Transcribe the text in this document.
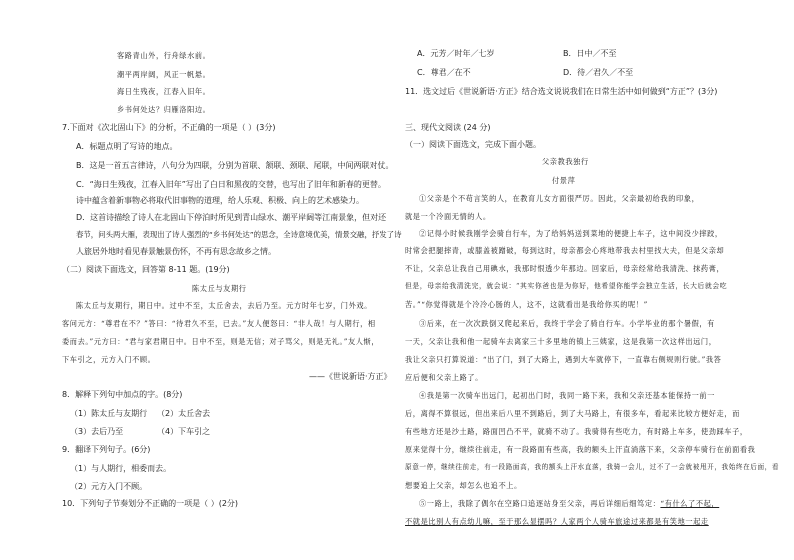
客路青山外，行舟绿水前。
潮平两岸阔，风正一帆悬。
海日生残夜，江春入旧年。
乡书何处达？归雁洛阳边。
7.下面对《次北固山下》的分析，不正确的一项是（ ）(3分)
A．标题点明了写诗的地点。
B．这是一首五言律诗，八句分为四联，分别为首联、颔联、颈联、尾联，中间两联对仗。
C．“海日生残夜，江春入旧年”写出了白日和黑夜的交替，也写出了旧年和新春的更替。
诗中蕴含着新事物必将取代旧事物的道理，给人乐观、积极、向上的艺术感染力。
D．这首诗描绘了诗人在北固山下停泊时所见到青山绿水、潮平岸阔等江南景象，但对还
春节，问头两大雁，表现出了诗人强烈的“乡书何处达”的思念，全诗意境优美，情景交融，抒发了诗
人旅居外地时看见春景触景伤怀，不再有思念故乡之情。
（二）阅读下面选文，回答第 8-11 题。(19分)
陈太丘与友期行
陈太丘与友期行，期日中。过中不至，太丘舍去，去后乃至。元方时年七岁，门外戏。
客问元方：“尊君在不？”答曰：“待君久不至，已去。”友人便怒曰：“非人哉！与人期行，相
委而去。”元方曰：“君与家君期日中。日中不至，则是无信；对子骂父，则是无礼。”友人惭，
下车引之，元方入门不顾。
——《世说新语·方正》
8．解释下列句中加点的字。(8分)
（1）陈太丘与友期行 （2）太丘舍去
（3）去后乃至	（4）下车引之
9．翻译下列句子。(6分)
（1）与人期行，相委而去。
（2）元方入门不顾。
10．下列句子节奏划分不正确的一项是（ ）(2分)
A．元芳／时年／七岁	B．日中／不至
C．尊君／在不	D．待／君久／不至
11．选文过后《世说新语·方正》结合选文说说我们在日常生活中如何做到“方正”？(3分)
三、现代文阅读 (24 分)
（一）阅读下面选文，完成下面小题。
父亲教我独行
付景萍
①父亲是个不苟言笑的人，在教育儿女方面很严厉。因此，父亲最初给我的印象，
就是一个冷面无情的人。
②记得小时候我刚学会骑自行车，为了给妈妈送到菜地的便捷上车子，这中间没少摔跤，
时常会把腿摔青，或膝盖被蹭破，每到这时，母亲都会心疼地带我去村里找大夫，但是父亲却
不让，父亲总让我自己用碘水，我那时恨透少年那边。回家后，母亲经常给我清洗、抹药膏，
但是，母亲给我清洗完，就会说：“其实你爸也是为你好，他希望你能学会独立生活，长大后就会吃
苦。”“你觉得就是个冷冷心肠的人，这不，这就看出是我给你买的呢！”
③后来，在一次次跌倒又爬起来后，我终于学会了骑自行车。小学毕业的那个暑假，有
一天，父亲让我和他一起骑车去离家三十多里地的镇上三姨家，这是我第一次这样出远门，
我让父亲只打算说道：“出了门，到了大路上，遇到大车就停下，一直靠右侧规则行驶。”我答
应后便和父亲上路了。
④我是第一次骑车出远门，起初出门时，我同一路下来，我和父亲还基本能保持一前一
后，离得不算很远，但出来后八里不到路后，到了大马路上，有很多车，看起来比较方便好走，而
有些地方还是沙土路，路面凹凸不平，就骑不动了。我骑得有些吃力，有时路上车多，使劲踩车子，
原来觉得十分，继续往前走，有一段路面有些高，我的额头上汗直淌落下来，父亲停车骑行在前面看我
原意一停，继续往前走，有一段路面高，我的额头上汗水直落，我骑一会儿，过不了一会就被甩开，我始终在后面，看
想要追上父亲，却怎么也追不上。
⑤一路上，我除了偶尔在空路口追逐站身至父亲，再后详细后细笃定：“有什么了不起，
不就是比别人有点幼儿嘛，至于那么显摆吗？人家两个人骑车旅途过来都是有笑地一起走
